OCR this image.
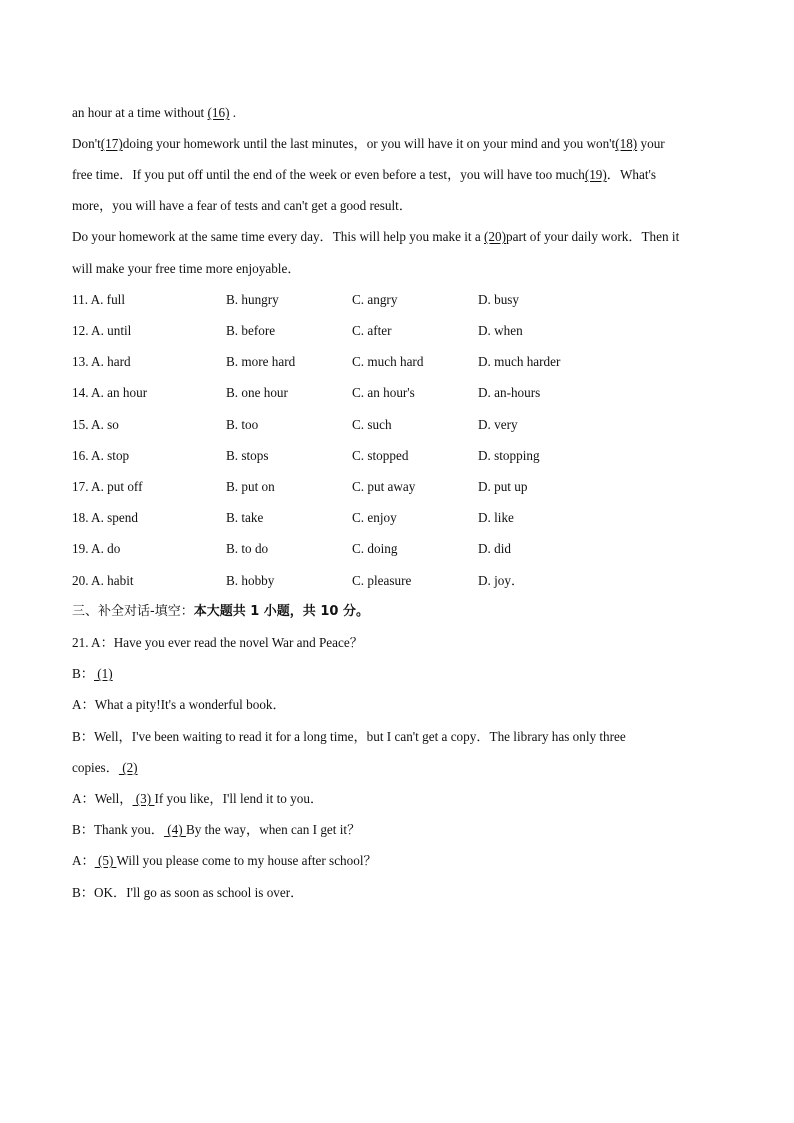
an hour at a time without (16) .
Don't(17)doing your homework until the last minutes，or you will have it on your mind and you won't(18) your
free time．If you put off until the end of the week or even before a test，you will have too much(19)．What's
more，you will have a fear of tests and can't get a good result．
Do your homework at the same time every day．This will help you make it a (20)part of your daily work．Then it
will make your free time more enjoyable．
11. A. full	B. hungry	C. angry	D. busy
12. A. until	B. before	C. after	D. when
13. A. hard	B. more hard	C. much hard	D. much harder
14. A. an hour	B. one hour	C. an hour's	D. an-hours
15. A. so	B. too	C. such	D. very
16. A. stop	B. stops	C. stopped	D. stopping
17. A. put off	B. put on	C. put away	D. put up
18. A. spend	B. take	C. enjoy	D. like
19. A. do	B. to do	C. doing	D. did
20. A. habit	B. hobby	C. pleasure	D. joy．
三、补全对话-填空：本大题共 1 小题，共 10 分。
21. A：Have you ever read the novel War and Peace？
B： (1)
A：What a pity!It's a wonderful book．
B：Well，I've been waiting to read it for a long time，but I can't get a copy．The library has only three
copies． (2)
A：Well， (3) If you like，I'll lend it to you．
B：Thank you． (4) By the way，when can I get it？
A： (5) Will you please come to my house after school？
B：OK．I'll go as soon as school is over．
